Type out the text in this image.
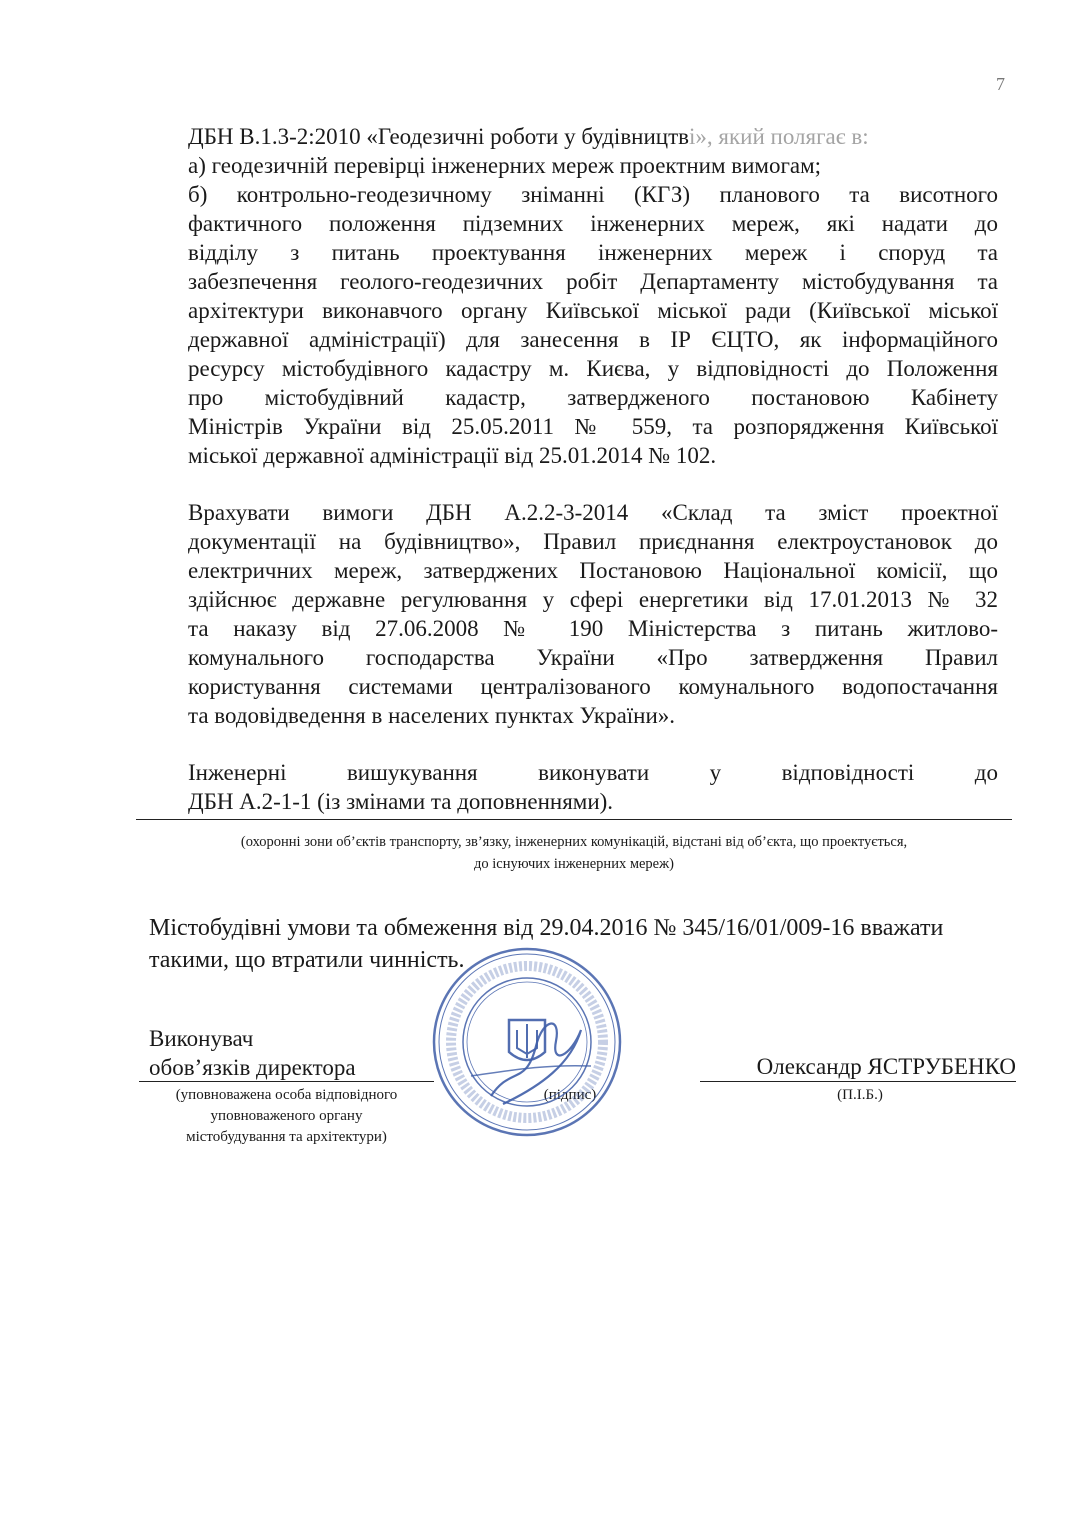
7
ДБН В.1.3-2:2010 «Геодезичні роботи у будівництві», який полягає в:
а) геодезичній перевірці інженерних мереж проектним вимогам;
б) контрольно-геодезичному зніманні (КГЗ) планового та висотного
фактичного положення підземних інженерних мереж, які надати до
відділу з питань проектування інженерних мереж і споруд та
забезпечення геолого-геодезичних робіт Департаменту містобудування та
архітектури виконавчого органу Київської міської ради (Київської міської
державної адміністрації) для занесення в ІР ЄЦТО, як інформаційного
ресурсу містобудівного кадастру м. Києва, у відповідності до Положення
про містобудівний кадастр, затвердженого постановою Кабінету
Міністрів України від 25.05.2011 № 559, та розпорядження Київської
міської державної адміністрації від 25.01.2014 № 102.
Врахувати вимоги ДБН А.2.2-3-2014 «Склад та зміст проектної
документації на будівництво», Правил приєднання електроустановок до
електричних мереж, затверджених Постановою Національної комісії, що
здійснює державне регулювання у сфері енергетики від 17.01.2013 № 32
та наказу від 27.06.2008 № 190 Міністерства з питань житлово-
комунального господарства України «Про затвердження Правил
користування системами централізованого комунального водопостачання
та водовідведення в населених пунктах України».
Інженерні вишукування виконувати у відповідності до
ДБН А.2-1-1 (із змінами та доповненнями).
(охоронні зони об’єктів транспорту, зв’язку, інженерних комунікацій, відстані від об’єкта, що проектується,
до існуючих інженерних мереж)
Містобудівні умови та обмеження від 29.04.2016 № 345/16/01/009-16 вважати
такими, що втратили чинність.
Виконувач
обов’язків директора
(уповноважена особа відповідного
уповноваженого органу
містобудування та архітектури)
(підпис)
Олександр ЯСТРУБЕНКО
(П.І.Б.)
